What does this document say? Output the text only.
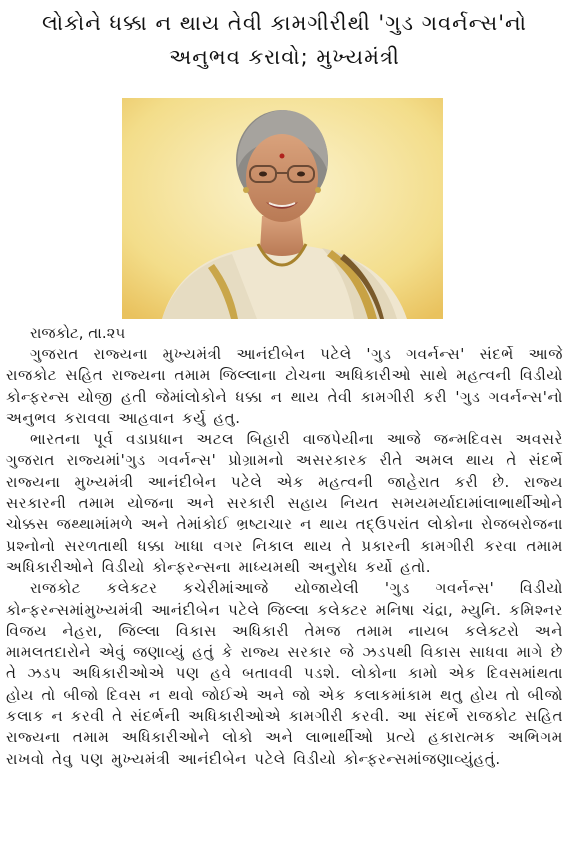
લોકોને ધક્કા ન થાય તેવી કામગીરીથી 'ગુડ ગવર્નન્સ'નો
અનુભવ કરાવો; મુખ્યમંત્રી

રાજકોટ, તા.૨૫

ગુજરાત રાજ્યના મુખ્યમંત્રી આનંદીબેન પટેલે 'ગુડ ગવર્નન્સ' સંદર્ભે આજે રાજકોટ સહિત રાજ્યના તમામ જિલ્લાના ટોચના અધિકારીઓ સાથે મહત્વની વિડીયો કોન્ફરન્સ યોજી હતી જેમાંલોકોને ધક્કા ન થાય તેવી કામગીરી કરી 'ગુડ ગવર્નન્સ'નો અનુભવ કરાવવા આહવાન કર્યુ હતુ.

ભારતના પૂર્વ વડાપ્રધાન અટલ બિહારી વાજપેયીના આજે જન્મદિવસ અવસરે ગુજરાત રાજ્યમાં'ગુડ ગવર્નન્સ' પ્રોગ્રામનો અસરકારક રીતે અમલ થાય તે સંદર્ભે રાજ્યના મુખ્યમંત્રી આનંદીબેન પટેલે એક મહત્વની જાહેરાત કરી છે. રાજ્ય સરકારની તમામ યોજના અને સરકારી સહાય નિયત સમયમર્યાદામાંલાભાર્થીઓને ચોક્કસ જથ્થામાંમળે અને તેમાંકોઈ ભ્રષ્ટાચાર ન થાય તદ્ઉપરાંત લોકોના રોજબરોજના પ્રશ્નોનો સરળતાથી ધક્કા ખાધા વગર નિકાલ થાય તે પ્રકારની કામગીરી કરવા તમામ અધિકારીઓને વિડીયો કોન્ફરન્સના માધ્યમથી અનુરોધ કર્યો હતો.

રાજકોટ કલેક્ટર કચેરીમાંઆજે યોજાયેલી 'ગુડ ગવર્નન્સ' વિડીયો કોન્ફરન્સમાંમુખ્યમંત્રી આનંદીબેન પટેલે જિલ્લા કલેક્ટર મનિષા ચંદ્રા, મ્યુનિ. કમિશ્નર વિજય નેહરા, જિલ્લા વિકાસ અધિકારી તેમજ તમામ નાયબ કલેક્ટરો અને મામલતદારોને એવું જણાવ્યું હતું કે રાજ્ય સરકાર જે ઝડપથી વિકાસ સાધવા માગે છે તે ઝડપ અધિકારીઓએ પણ હવે બતાવવી પડશે. લોકોના કામો એક દિવસમાંથતા હોય તો બીજો દિવસ ન થવો જોઈએ અને જો એક કલાકમાંકામ થતુ હોય તો બીજો કલાક ન કરવી તે સંદર્ભની અધિકારીઓએ કામગીરી કરવી. આ સંદર્ભે રાજકોટ સહિત રાજ્યના તમામ અધિકારીઓને લોકો અને લાભાર્થીઓ પ્રત્યે હકારાત્મક અભિગમ રાખવો તેવુ પણ મુખ્યમંત્રી આનંદીબેન પટેલે વિડીયો કોન્ફરન્સમાંજણાવ્યુંહતું.
